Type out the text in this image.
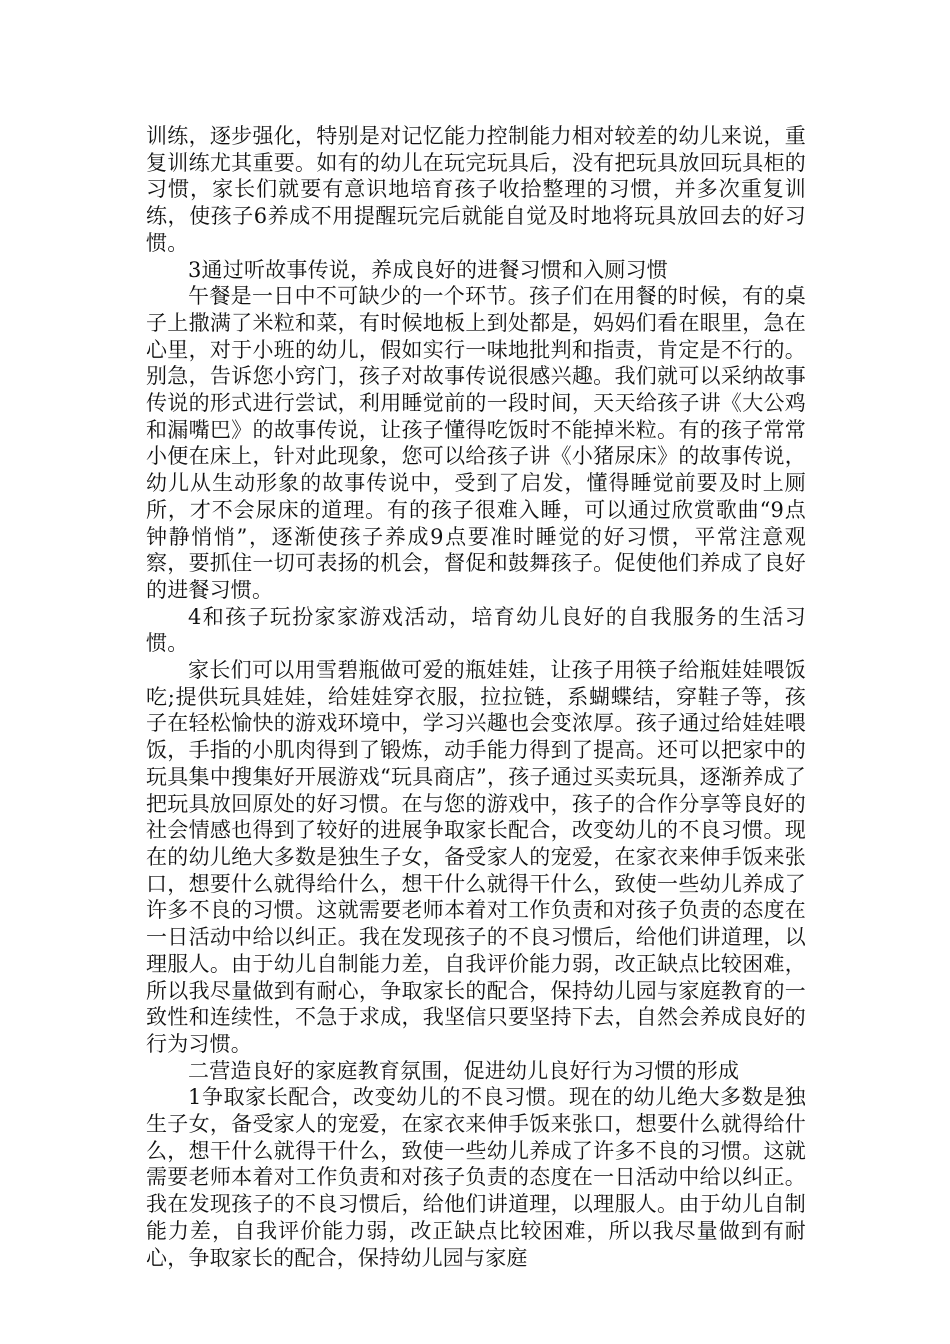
训练，逐步强化，特别是对记忆能力控制能力相对较差的幼儿来说，重复训练尤其重要。如有的幼儿在玩完玩具后，没有把玩具放回玩具柜的习惯，家长们就要有意识地培育孩子收拾整理的习惯，并多次重复训练，使孩子6养成不用提醒玩完后就能自觉及时地将玩具放回去的好习惯。

3通过听故事传说，养成良好的进餐习惯和入厕习惯

午餐是一日中不可缺少的一个环节。孩子们在用餐的时候，有的桌子上撒满了米粒和菜，有时候地板上到处都是，妈妈们看在眼里，急在心里，对于小班的幼儿，假如实行一味地批判和指责，肯定是不行的。别急，告诉您小窍门，孩子对故事传说很感兴趣。我们就可以采纳故事传说的形式进行尝试，利用睡觉前的一段时间，天天给孩子讲《大公鸡和漏嘴巴》的故事传说，让孩子懂得吃饭时不能掉米粒。有的孩子常常小便在床上，针对此现象，您可以给孩子讲《小猪尿床》的故事传说，幼儿从生动形象的故事传说中，受到了启发，懂得睡觉前要及时上厕所，才不会尿床的道理。有的孩子很难入睡，可以通过欣赏歌曲“9点钟静悄悄”，逐渐使孩子养成9点要准时睡觉的好习惯，平常注意观察，要抓住一切可表扬的机会，督促和鼓舞孩子。促使他们养成了良好的进餐习惯。

4和孩子玩扮家家游戏活动，培育幼儿良好的自我服务的生活习惯。

家长们可以用雪碧瓶做可爱的瓶娃娃，让孩子用筷子给瓶娃娃喂饭吃;提供玩具娃娃，给娃娃穿衣服，拉拉链，系蝴蝶结，穿鞋子等，孩子在轻松愉快的游戏环境中，学习兴趣也会变浓厚。孩子通过给娃娃喂饭，手指的小肌肉得到了锻炼，动手能力得到了提高。还可以把家中的玩具集中搜集好开展游戏“玩具商店”，孩子通过买卖玩具，逐渐养成了把玩具放回原处的好习惯。在与您的游戏中，孩子的合作分享等良好的社会情感也得到了较好的进展争取家长配合，改变幼儿的不良习惯。现在的幼儿绝大多数是独生子女，备受家人的宠爱，在家衣来伸手饭来张口，想要什么就得给什么，想干什么就得干什么，致使一些幼儿养成了许多不良的习惯。这就需要老师本着对工作负责和对孩子负责的态度在一日活动中给以纠正。我在发现孩子的不良习惯后，给他们讲道理，以理服人。由于幼儿自制能力差，自我评价能力弱，改正缺点比较困难，所以我尽量做到有耐心，争取家长的配合，保持幼儿园与家庭教育的一致性和连续性，不急于求成，我坚信只要坚持下去，自然会养成良好的行为习惯。

二营造良好的家庭教育氛围，促进幼儿良好行为习惯的形成

1争取家长配合，改变幼儿的不良习惯。现在的幼儿绝大多数是独生子女，备受家人的宠爱，在家衣来伸手饭来张口，想要什么就得给什么，想干什么就得干什么，致使一些幼儿养成了许多不良的习惯。这就需要老师本着对工作负责和对孩子负责的态度在一日活动中给以纠正。我在发现孩子的不良习惯后，给他们讲道理，以理服人。由于幼儿自制能力差，自我评价能力弱，改正缺点比较困难，所以我尽量做到有耐心，争取家长的配合，保持幼儿园与家庭
